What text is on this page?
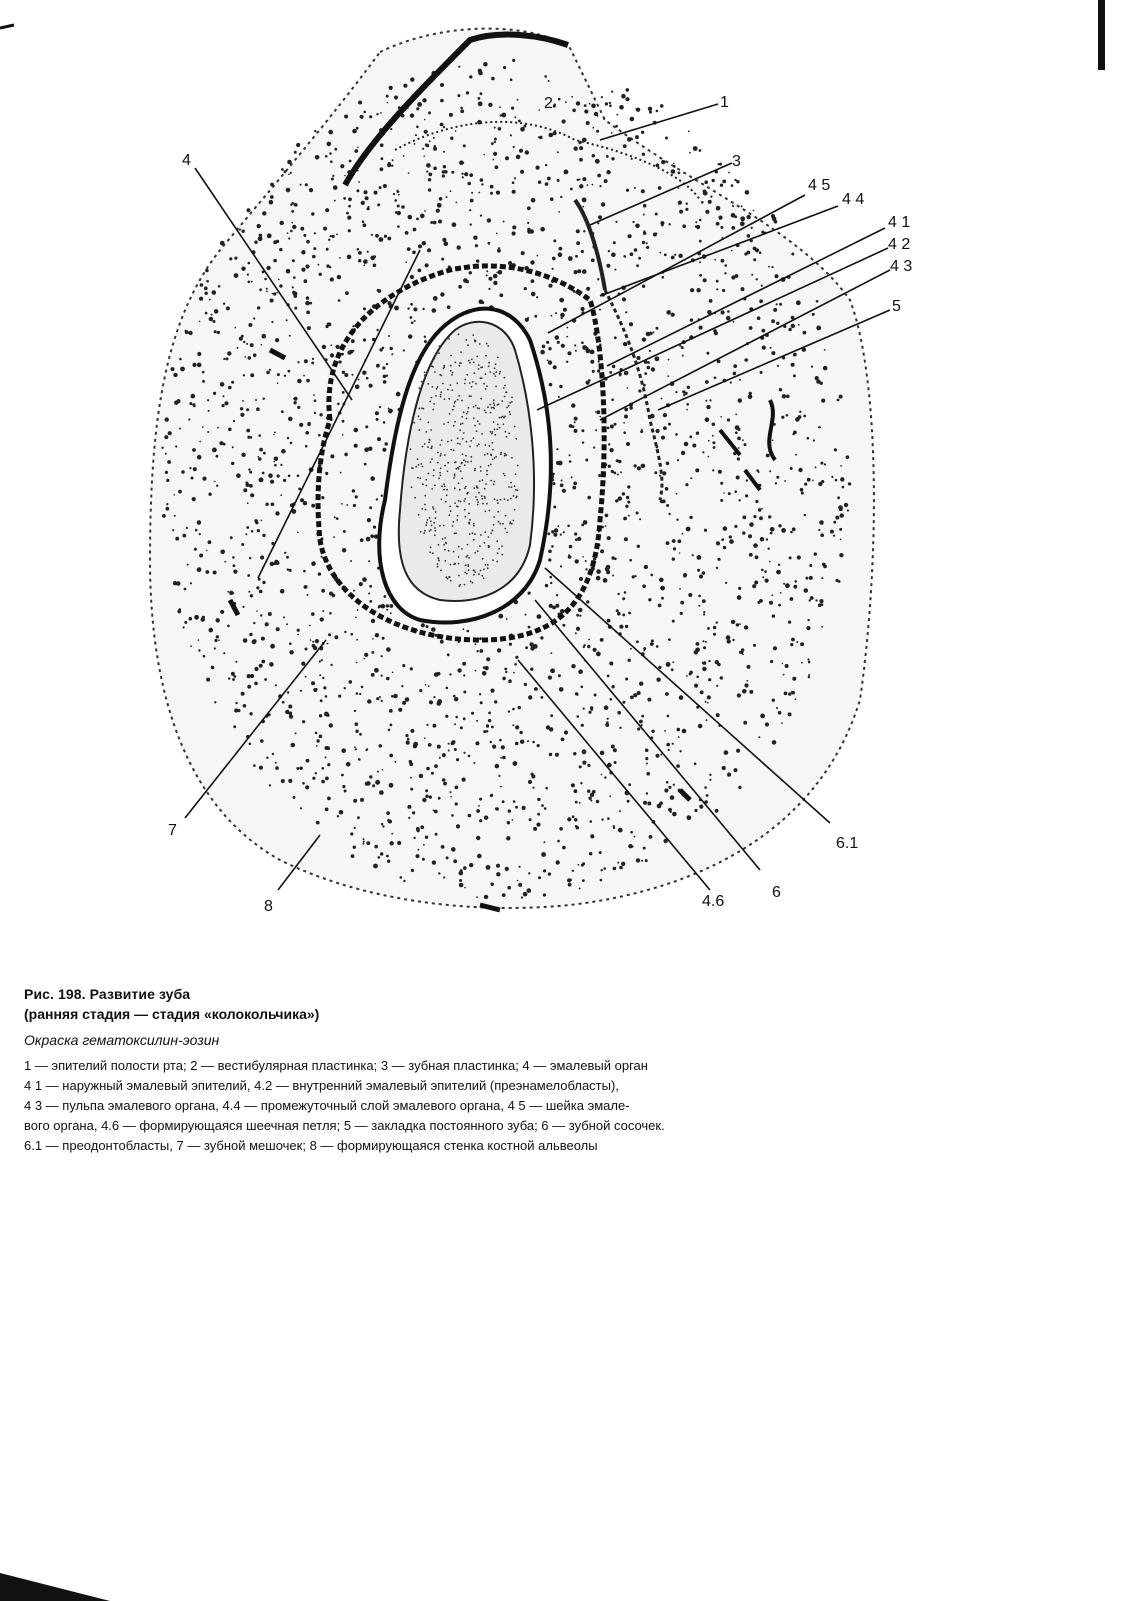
1
2
3
4
4 5
4 4
4 1
4 2
4 3
5
7
8	4.6
6
6.1
Рис. 198. Развитие зуба
(ранняя стадия — стадия «колокольчика»)
Окраска гематоксилин-эозин
1 — эпителий полости рта; 2 — вестибулярная пластинка; 3 — зубная пластинка; 4 — эмалевый орган
4 1 — наружный эмалевый эпителий, 4.2 — внутренний эмалевый эпителий (преэнамелобласты),
4 3 — пульпа эмалевого органа, 4.4 — промежуточный слой эмалевого органа, 4 5 — шейка эмале-
вого органа, 4.6 — формирующаяся шеечная петля; 5 — закладка постоянного зуба; 6 — зубной сосочек.
6.1 — преодонтобласты, 7 — зубной мешочек; 8 — формирующаяся стенка костной альвеолы
